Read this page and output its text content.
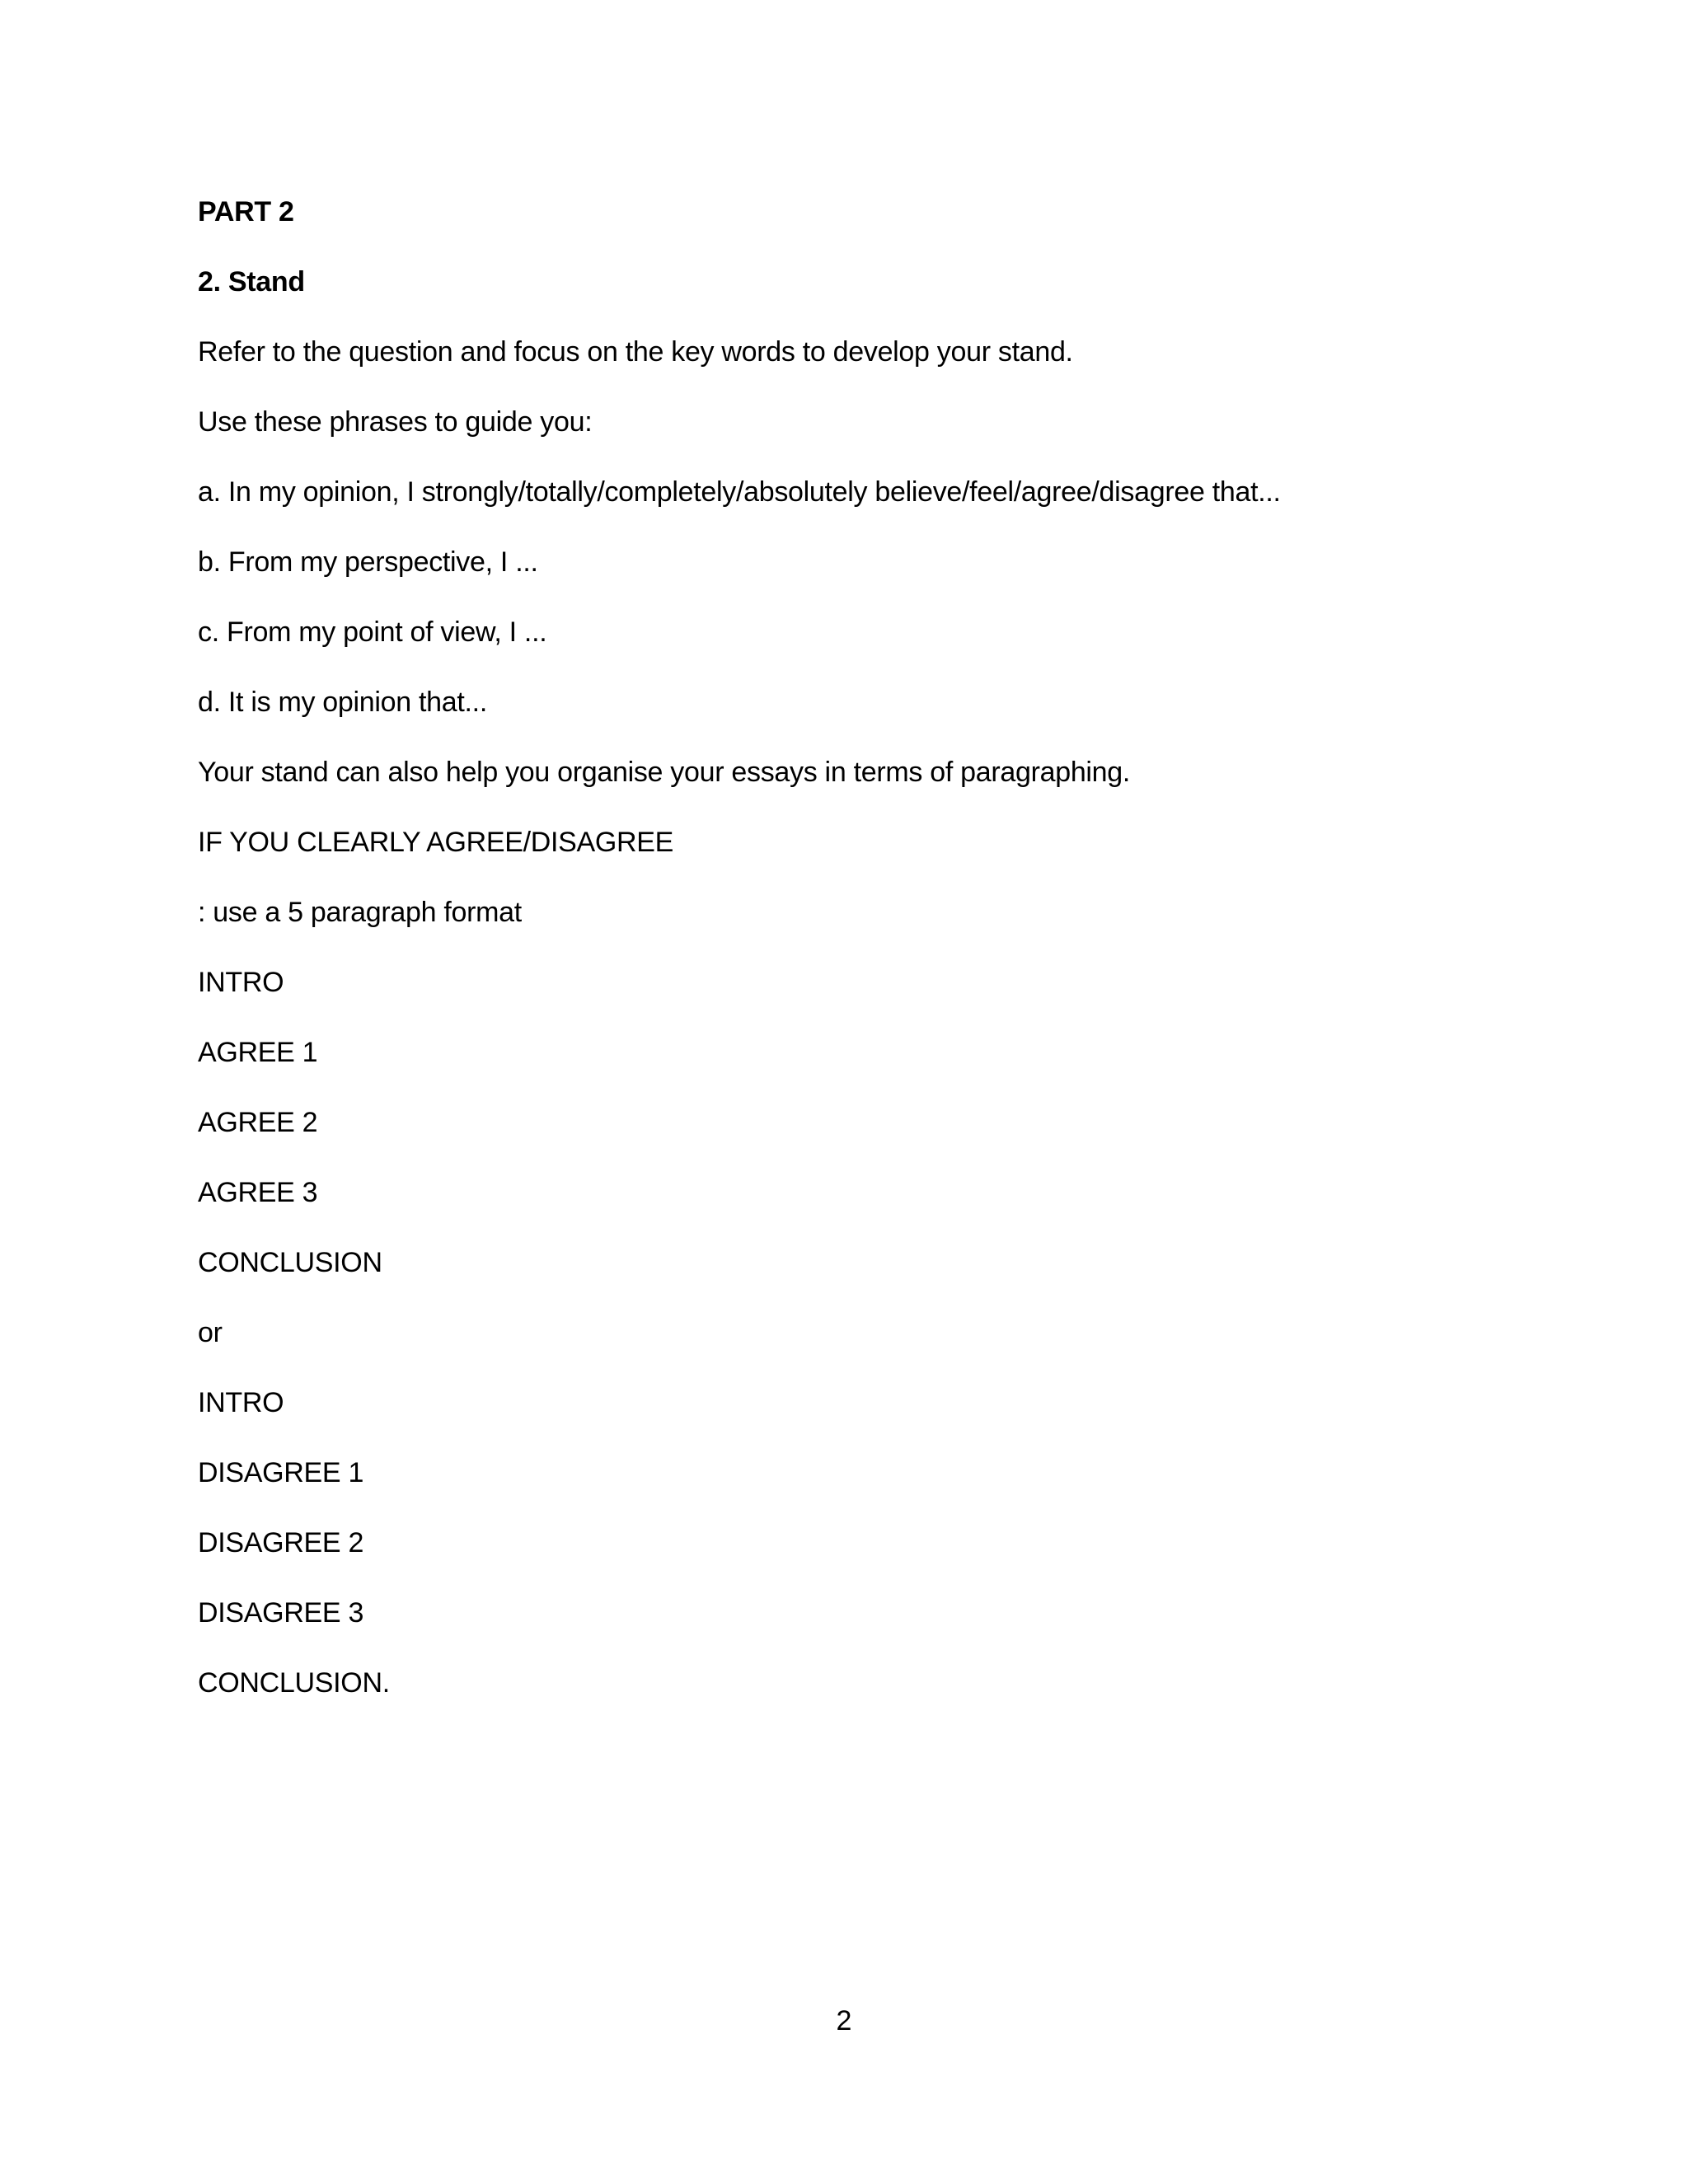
PART 2

2. Stand

Refer to the question and focus on the key words to develop your stand.

Use these phrases to guide you:

a. In my opinion, I strongly/totally/completely/absolutely believe/feel/agree/disagree that...

b. From my perspective, I ...

c. From my point of view, I ...

d. It is my opinion that...

Your stand can also help you organise your essays in terms of paragraphing.

IF YOU CLEARLY AGREE/DISAGREE

: use a 5 paragraph format

INTRO

AGREE 1

AGREE 2

AGREE 3

CONCLUSION

or

INTRO

DISAGREE 1

DISAGREE 2

DISAGREE 3

CONCLUSION.

2
